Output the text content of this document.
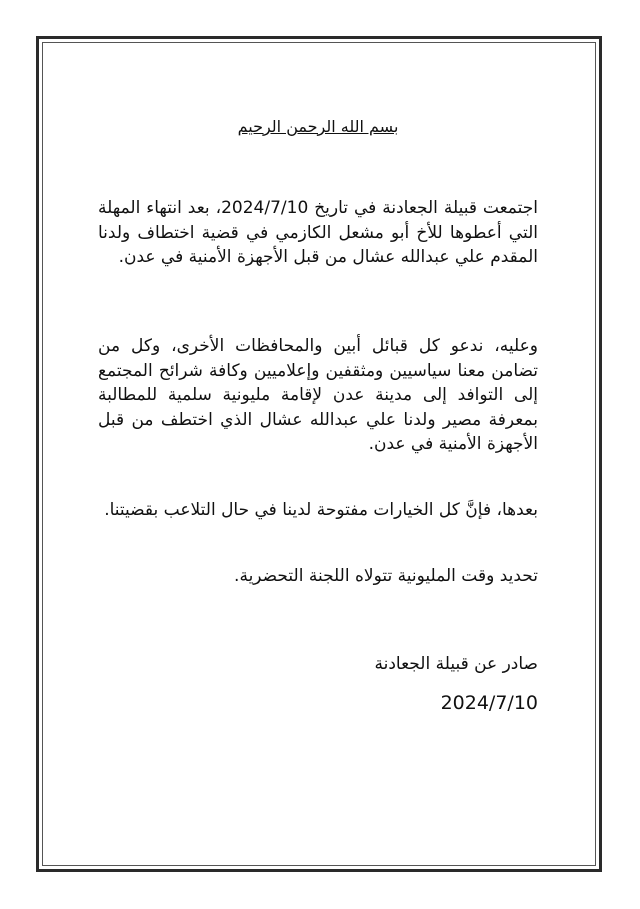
بسم الله الرحمن الرحيم

اجتمعت قبيلة الجعادنة في تاريخ 2024/7/10، بعد انتهاء المهلة التي أعطوها للأخ أبو مشعل الكازمي في قضية اختطاف ولدنا المقدم علي عبدالله عشال من قبل الأجهزة الأمنية في عدن.

وعليه، ندعو كل قبائل أبين والمحافظات الأخرى، وكل من تضامن معنا سياسيين ومثقفين وإعلاميين وكافة شرائح المجتمع إلى التوافد إلى مدينة عدن لإقامة مليونية سلمية للمطالبة بمعرفة مصير ولدنا علي عبدالله عشال الذي اختطف من قبل الأجهزة الأمنية في عدن.

بعدها، فإنَّ كل الخيارات مفتوحة لدينا في حال التلاعب بقضيتنا.

تحديد وقت المليونية تتولاه اللجنة التحضرية.

صادر عن قبيلة الجعادنة
2024/7/10
